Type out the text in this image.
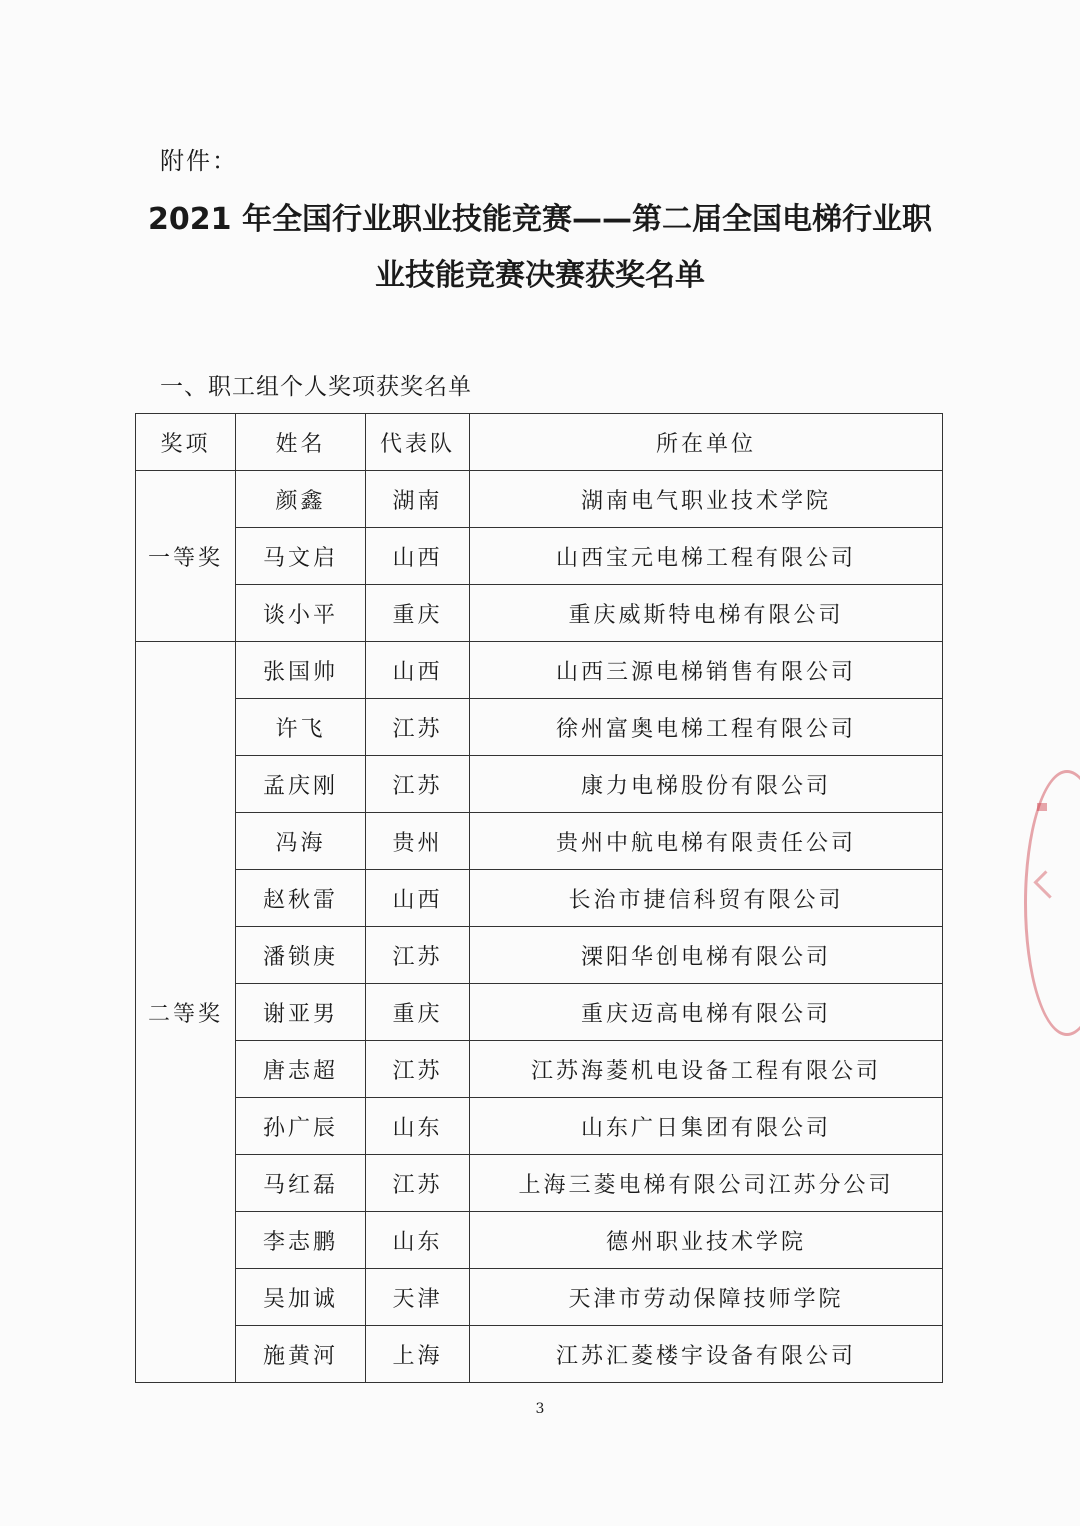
附件：
2021 年全国行业职业技能竞赛——第二届全国电梯行业职
业技能竞赛决赛获奖名单
一、职工组个人奖项获奖名单
奖项	姓名	代表队	所在单位
一等奖	颜鑫	湖南	湖南电气职业技术学院
	马文启	山西	山西宝元电梯工程有限公司
	谈小平	重庆	重庆威斯特电梯有限公司
二等奖	张国帅	山西	山西三源电梯销售有限公司
	许飞	江苏	徐州富奥电梯工程有限公司
	孟庆刚	江苏	康力电梯股份有限公司
	冯海	贵州	贵州中航电梯有限责任公司
	赵秋雷	山西	长治市捷信科贸有限公司
	潘锁庚	江苏	溧阳华创电梯有限公司
	谢亚男	重庆	重庆迈高电梯有限公司
	唐志超	江苏	江苏海菱机电设备工程有限公司
	孙广辰	山东	山东广日集团有限公司
	马红磊	江苏	上海三菱电梯有限公司江苏分公司
	李志鹏	山东	德州职业技术学院
	吴加诚	天津	天津市劳动保障技师学院
	施黄河	上海	江苏汇菱楼宇设备有限公司
3
